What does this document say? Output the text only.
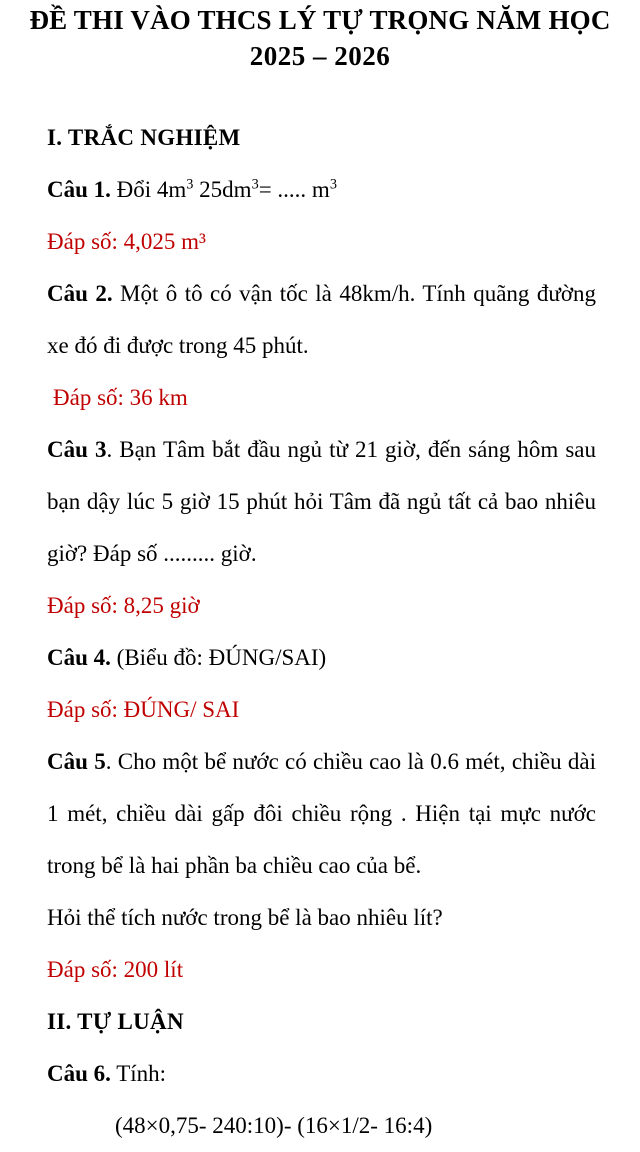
ĐỀ THI VÀO THCS LÝ TỰ TRỌNG NĂM HỌC
2025 – 2026

I. TRẮC NGHIỆM

Câu 1. Đổi $4m^3$ $25dm^3=$ ..... $m^3$

Đáp số: 4,025 m³

Câu 2. Một ô tô có vận tốc là 48km/h. Tính quãng đường xe đó đi được trong 45 phút.

Đáp số: 36 km

Câu 3. Bạn Tâm bắt đầu ngủ từ 21 giờ, đến sáng hôm sau bạn dậy lúc 5 giờ 15 phút hỏi Tâm đã ngủ tất cả bao nhiêu giờ? Đáp số ......... giờ.

Đáp số: 8,25 giờ

Câu 4. (Biểu đồ: ĐÚNG/SAI)

Đáp số: ĐÚNG/ SAI

Câu 5. Cho một bể nước có chiều cao là 0.6 mét, chiều dài 1 mét, chiều dài gấp đôi chiều rộng . Hiện tại mực nước trong bể là hai phần ba chiều cao của bể.

Hỏi thể tích nước trong bể là bao nhiêu lít?

Đáp số: 200 lít

II. TỰ LUẬN

Câu 6. Tính:

(48×0,75- 240:10)- (16×1/2- 16:4)
